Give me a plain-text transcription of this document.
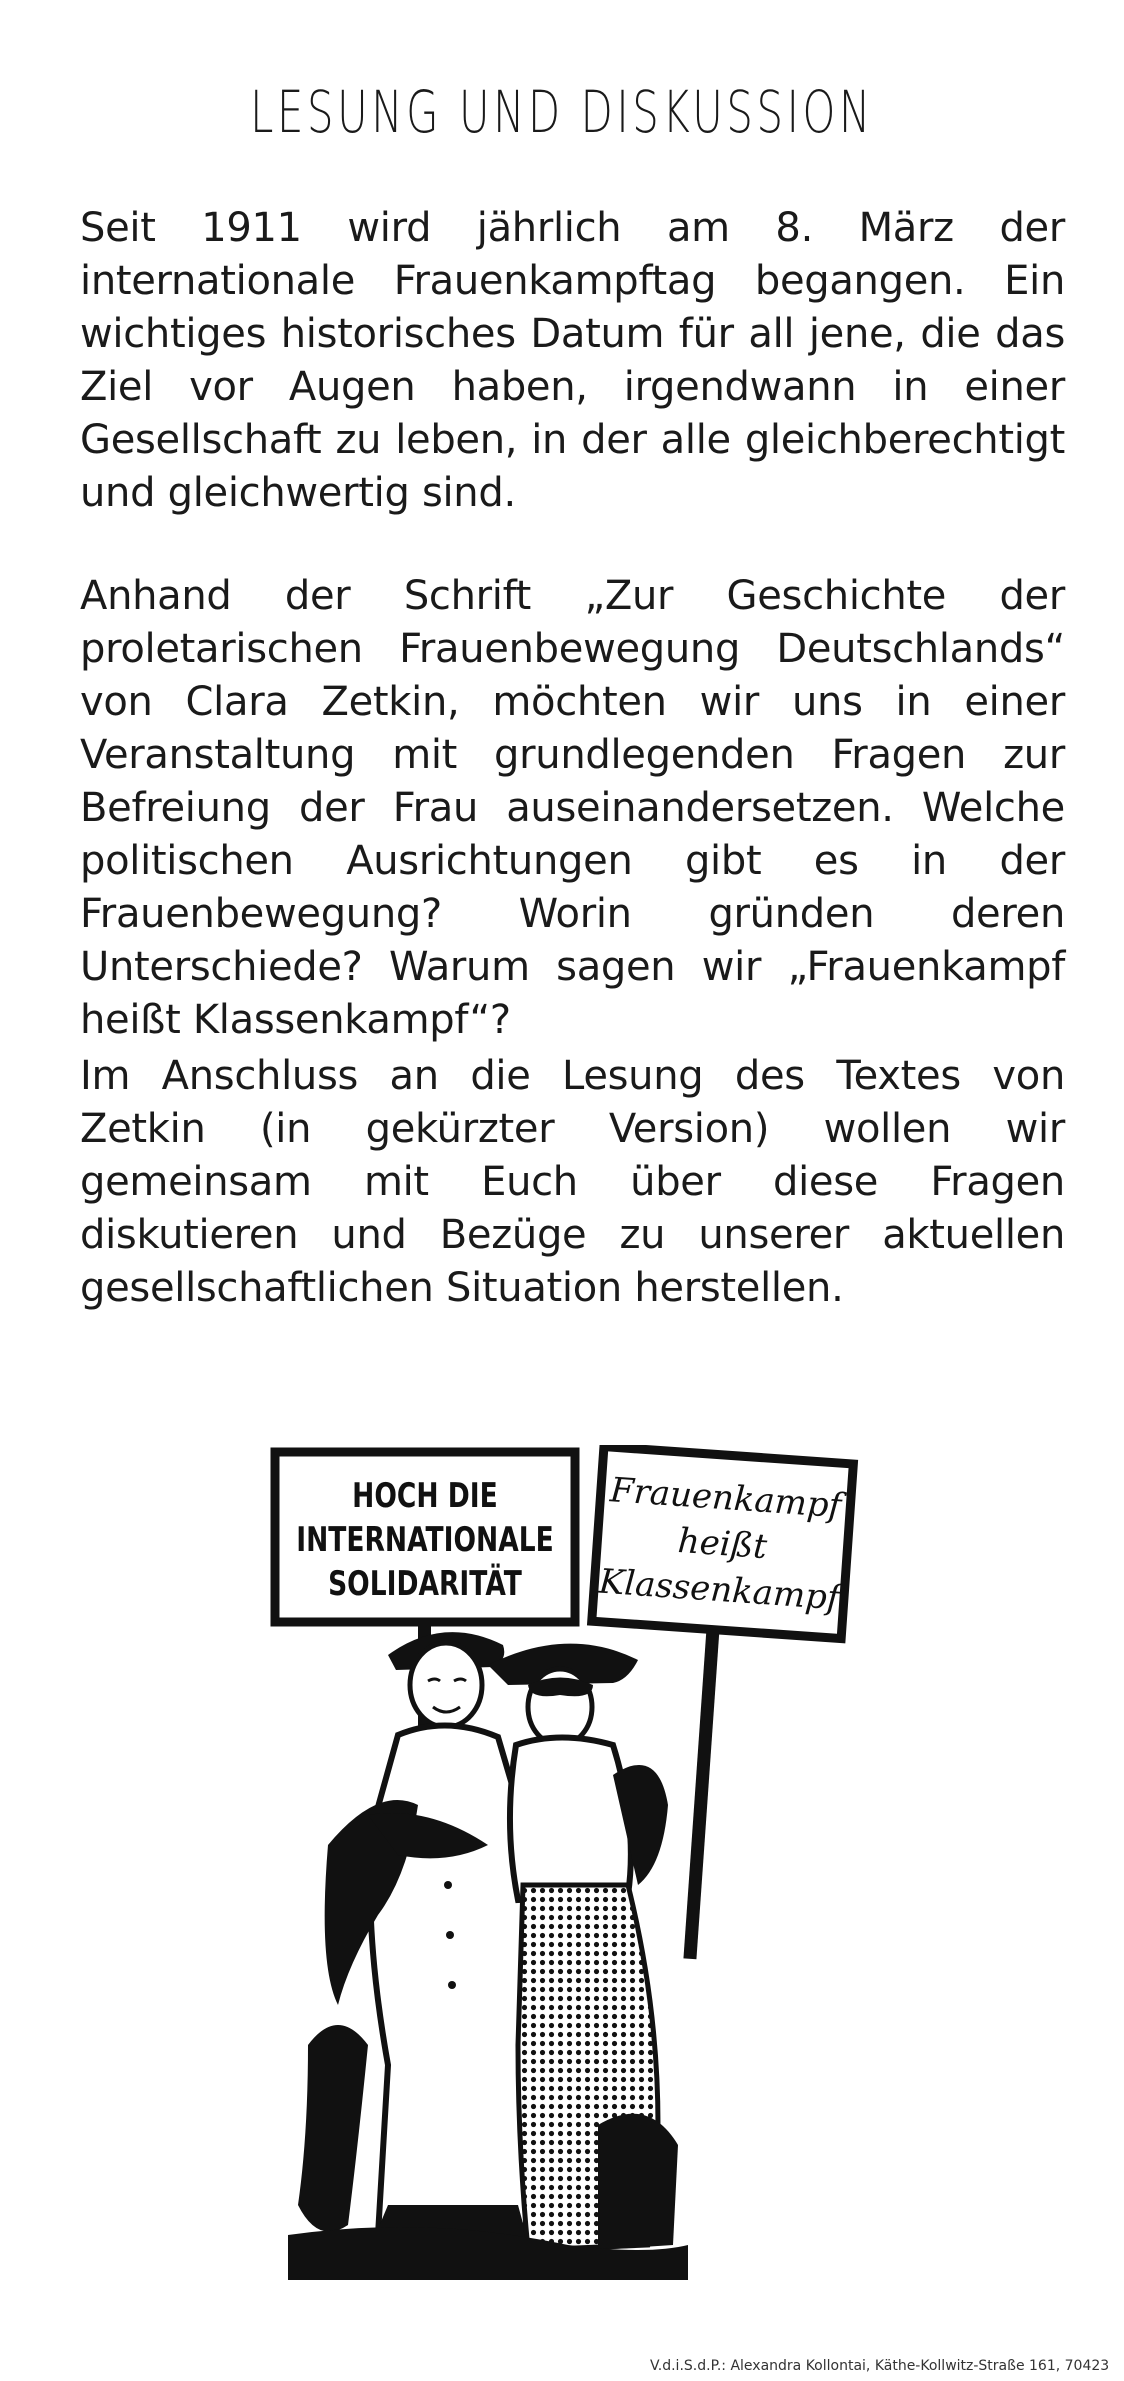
LESUNG UND DISKUSSION

Seit 1911 wird jährlich am 8. März der internationale Frauenkampftag begangen. Ein wichtiges historisches Datum für all jene, die das Ziel vor Augen haben, irgendwann in einer Gesellschaft zu leben, in der alle gleichberechtigt und gleichwertig sind.

Anhand der Schrift „Zur Geschichte der proletarischen Frauenbewegung Deutschlands“ von Clara Zetkin, möchten wir uns in einer Veranstaltung mit grundlegenden Fragen zur Befreiung der Frau auseinandersetzen. Welche politischen Ausrichtungen gibt es in der Frauenbewegung? Worin gründen deren Unterschiede? Warum sagen wir „Frauenkampf heißt Klassenkampf“?

Im Anschluss an die Lesung des Textes von Zetkin (in gekürzter Version) wollen wir gemeinsam mit Euch über diese Fragen diskutieren und Bezüge zu unserer aktuellen gesellschaftlichen Situation herstellen.

HOCH DIE
INTERNATIONALE
SOLIDARITÄT
Frauenkampf
heißt
Klassenkampf

V.d.i.S.d.P.: Alexandra Kollontai, Käthe-Kollwitz-Straße 161, 70423
